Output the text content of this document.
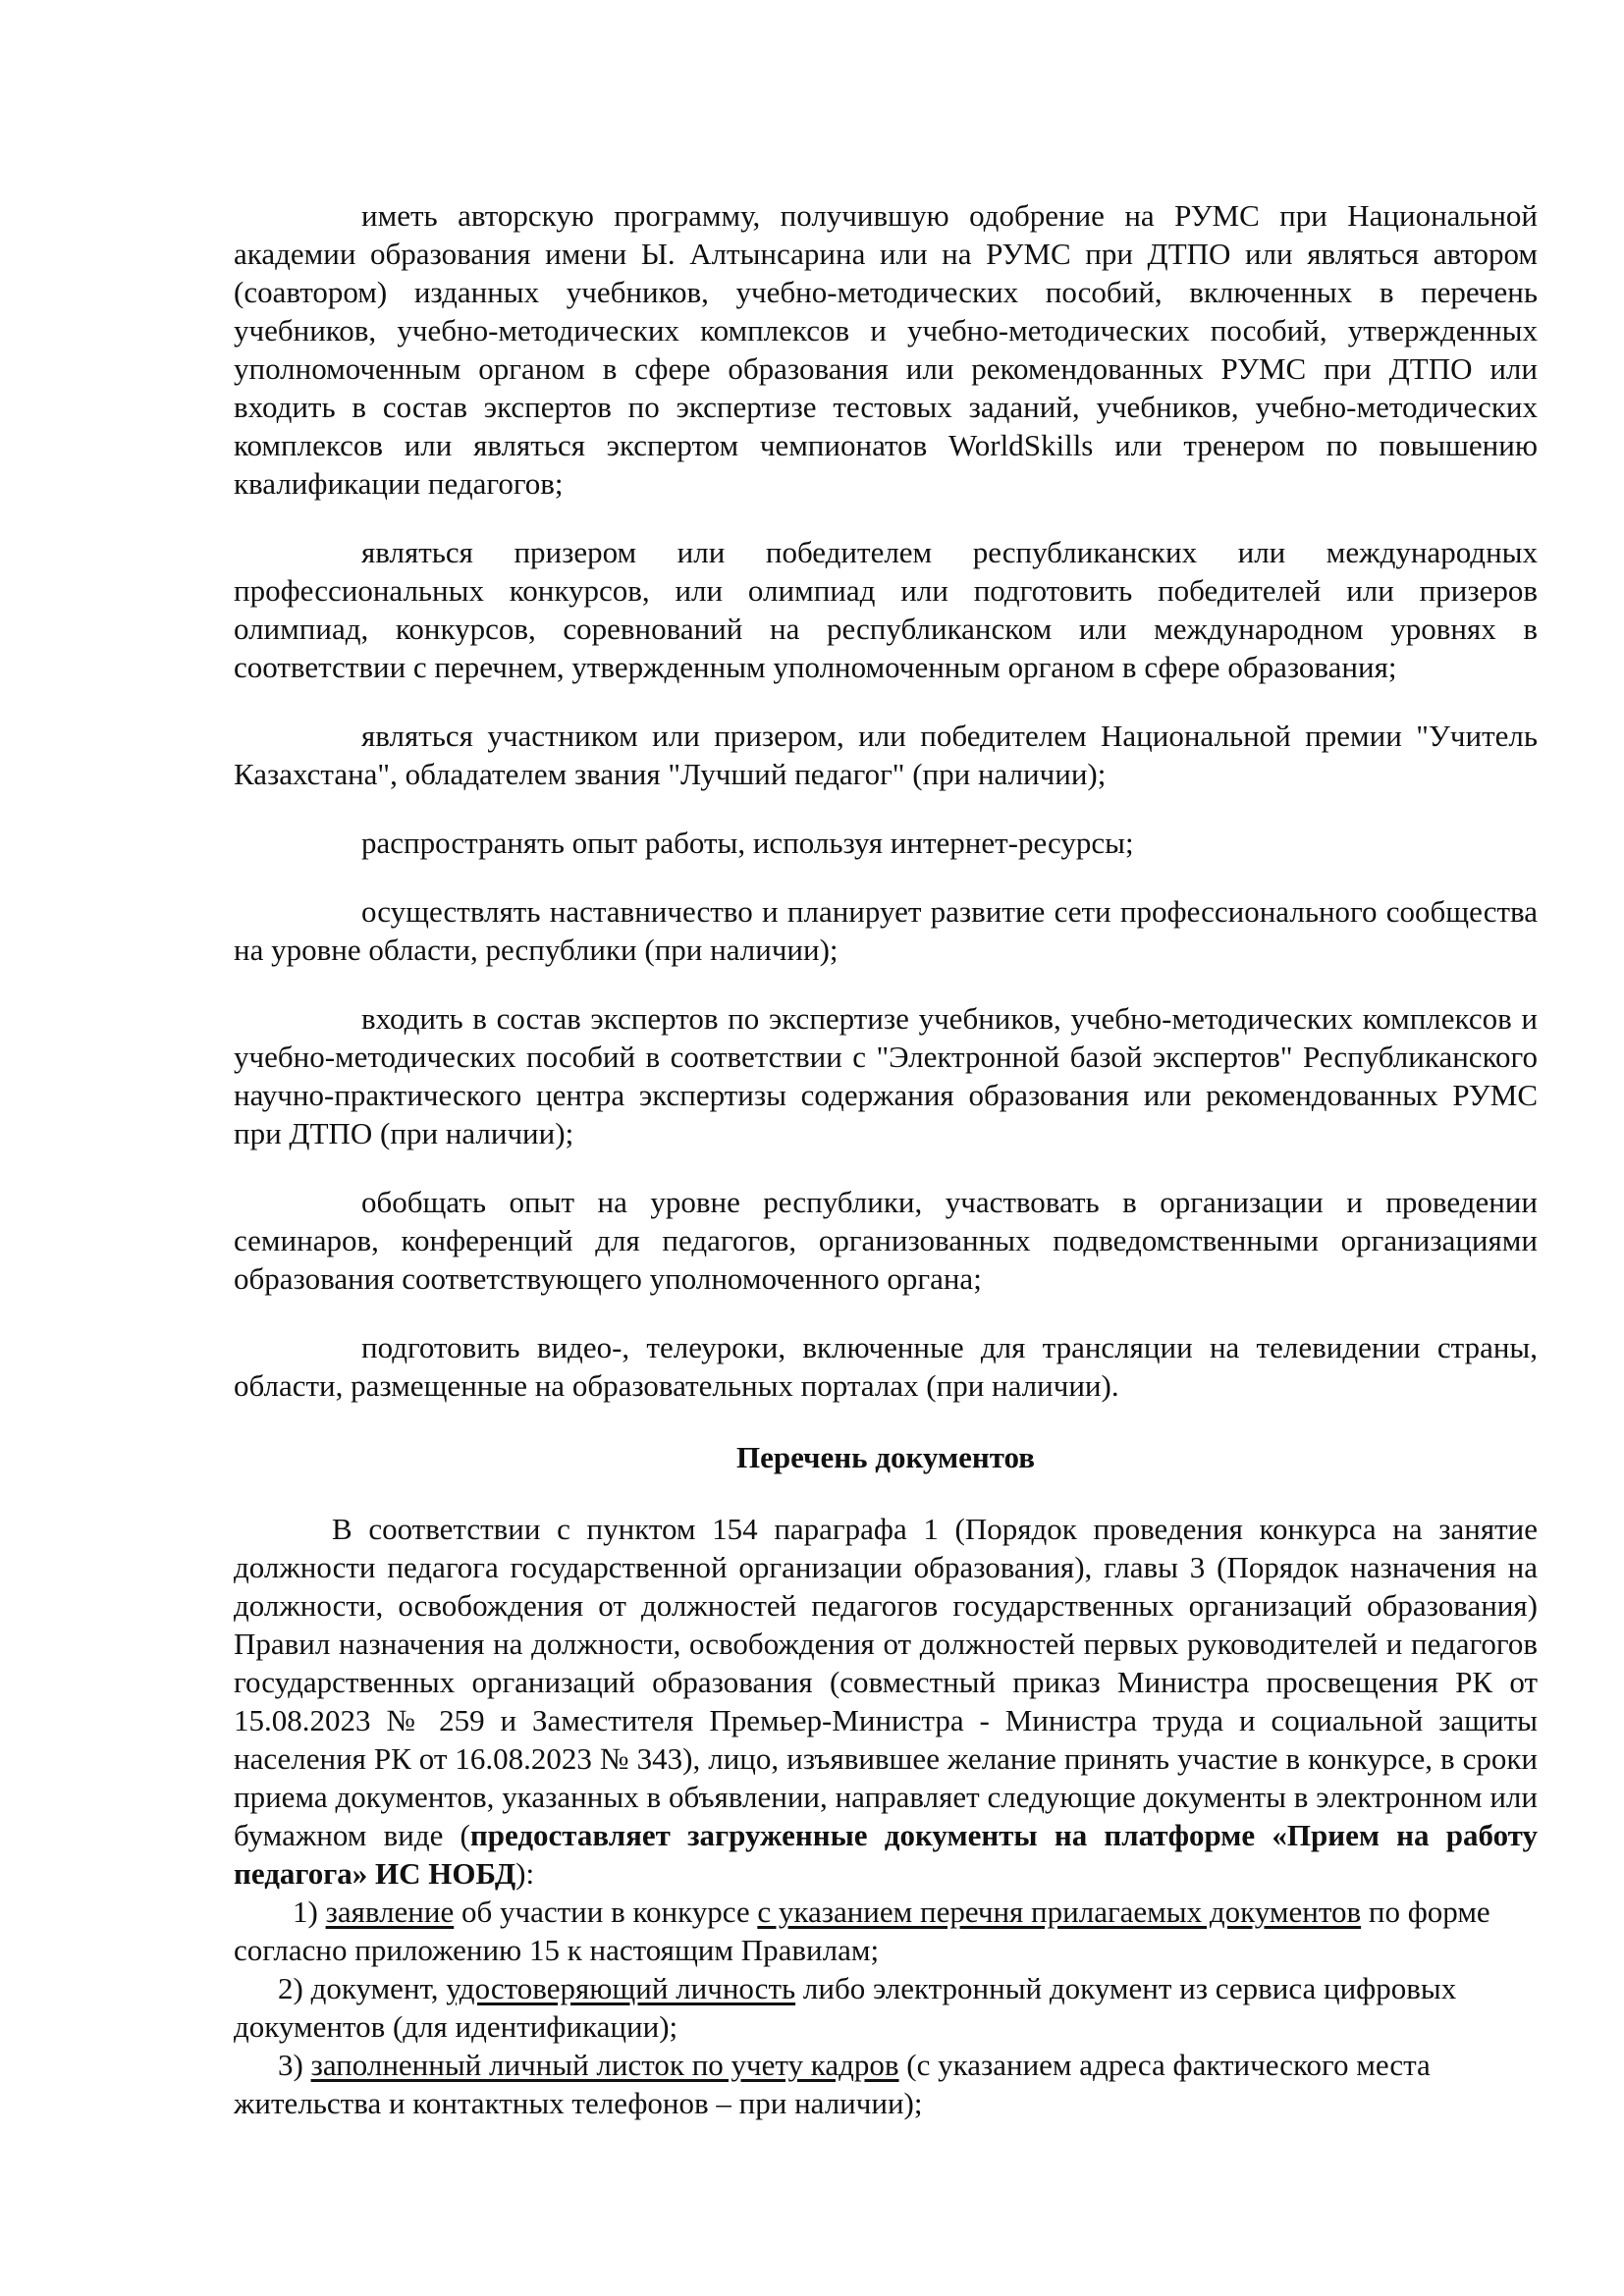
иметь авторскую программу, получившую одобрение на РУМС при Национальной академии образования имени Ы. Алтынсарина или на РУМС при ДТПО или являться автором (соавтором) изданных учебников, учебно-методических пособий, включенных в перечень учебников, учебно-методических комплексов и учебно-методических пособий, утвержденных уполномоченным органом в сфере образования или рекомендованных РУМС при ДТПО или входить в состав экспертов по экспертизе тестовых заданий, учебников, учебно-методических комплексов или являться экспертом чемпионатов WorldSkills или тренером по повышению квалификации педагогов;

являться призером или победителем республиканских или международных профессиональных конкурсов, или олимпиад или подготовить победителей или призеров олимпиад, конкурсов, соревнований на республиканском или международном уровнях в соответствии с перечнем, утвержденным уполномоченным органом в сфере образования;

являться участником или призером, или победителем Национальной премии "Учитель Казахстана", обладателем звания "Лучший педагог" (при наличии);

распространять опыт работы, используя интернет-ресурсы;

осуществлять наставничество и планирует развитие сети профессионального сообщества на уровне области, республики (при наличии);

входить в состав экспертов по экспертизе учебников, учебно-методических комплексов и учебно-методических пособий в соответствии с "Электронной базой экспертов" Республиканского научно-практического центра экспертизы содержания образования или рекомендованных РУМС при ДТПО (при наличии);

обобщать опыт на уровне республики, участвовать в организации и проведении семинаров, конференций для педагогов, организованных подведомственными организациями образования соответствующего уполномоченного органа;

подготовить видео-, телеуроки, включенные для трансляции на телевидении страны, области, размещенные на образовательных порталах (при наличии).

Перечень документов

В соответствии с пунктом 154 параграфа 1 (Порядок проведения конкурса на занятие должности педагога государственной организации образования), главы 3 (Порядок назначения на должности, освобождения от должностей педагогов государственных организаций образования) Правил назначения на должности, освобождения от должностей первых руководителей и педагогов государственных организаций образования (совместный приказ Министра просвещения РК от 15.08.2023 № 259 и Заместителя Премьер-Министра - Министра труда и социальной защиты населения РК от 16.08.2023 № 343), лицо, изъявившее желание принять участие в конкурсе, в сроки приема документов, указанных в объявлении, направляет следующие документы в электронном или бумажном виде (предоставляет загруженные документы на платформе «Прием на работу педагога» ИС НОБД):

1) заявление об участии в конкурсе с указанием перечня прилагаемых документов по форме согласно приложению 15 к настоящим Правилам;

2) документ, удостоверяющий личность либо электронный документ из сервиса цифровых документов (для идентификации);

3) заполненный личный листок по учету кадров (с указанием адреса фактического места жительства и контактных телефонов – при наличии);
